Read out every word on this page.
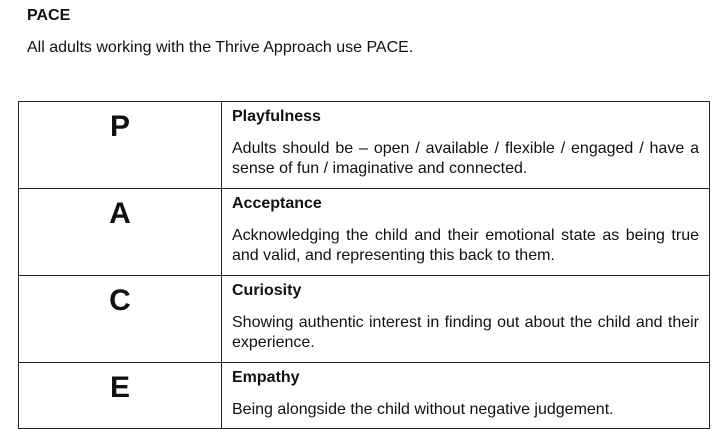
PACE
All adults working with the Thrive Approach use PACE.
P	Playfulness
Adults should be – open / available / flexible / engaged / have a sense of fun / imaginative and connected.

A	Acceptance
Acknowledging the child and their emotional state as being true and valid, and representing this back to them.

C	Curiosity
Showing authentic interest in finding out about the child and their experience.

E	Empathy
Being alongside the child without negative judgement.
